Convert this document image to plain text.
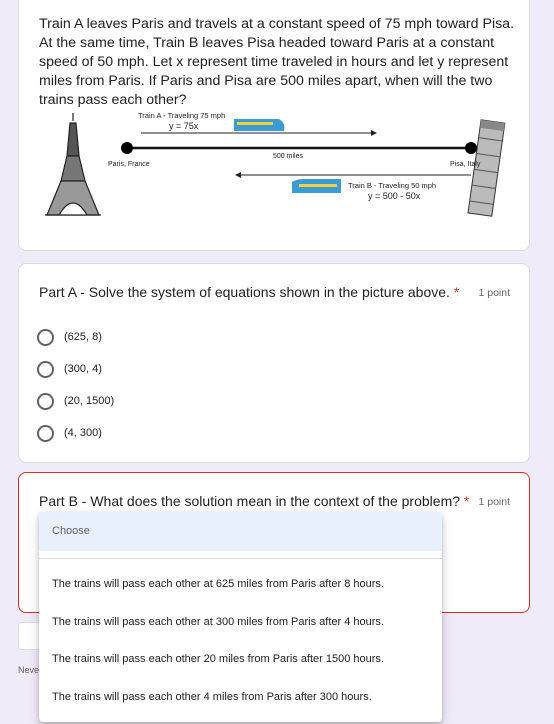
Train A leaves Paris and travels at a constant speed of 75 mph toward Pisa. At the same time, Train B leaves Pisa headed toward Paris at a constant speed of 50 mph. Let x represent time traveled in hours and let y represent miles from Paris. If Paris and Pisa are 500 miles apart, when will the two trains pass each other?
Train A - Traveling 75 mph
y = 75x
Paris, France	Pisa, Italy
500 miles
Train B - Traveling 50 mph
y = 500 - 50x
Part A - Solve the system of equations shown in the picture above. * 1 point
(625, 8)
(300, 4)
(20, 1500)
(4, 300)
Part B - What does the solution mean in the context of the problem? * 1 point
Neve
Choose
The trains will pass each other at 625 miles from Paris after 8 hours.
The trains will pass each other at 300 miles from Paris after 4 hours.
The trains will pass each other 20 miles from Paris after 1500 hours.
The trains will pass each other 4 miles from Paris after 300 hours.
